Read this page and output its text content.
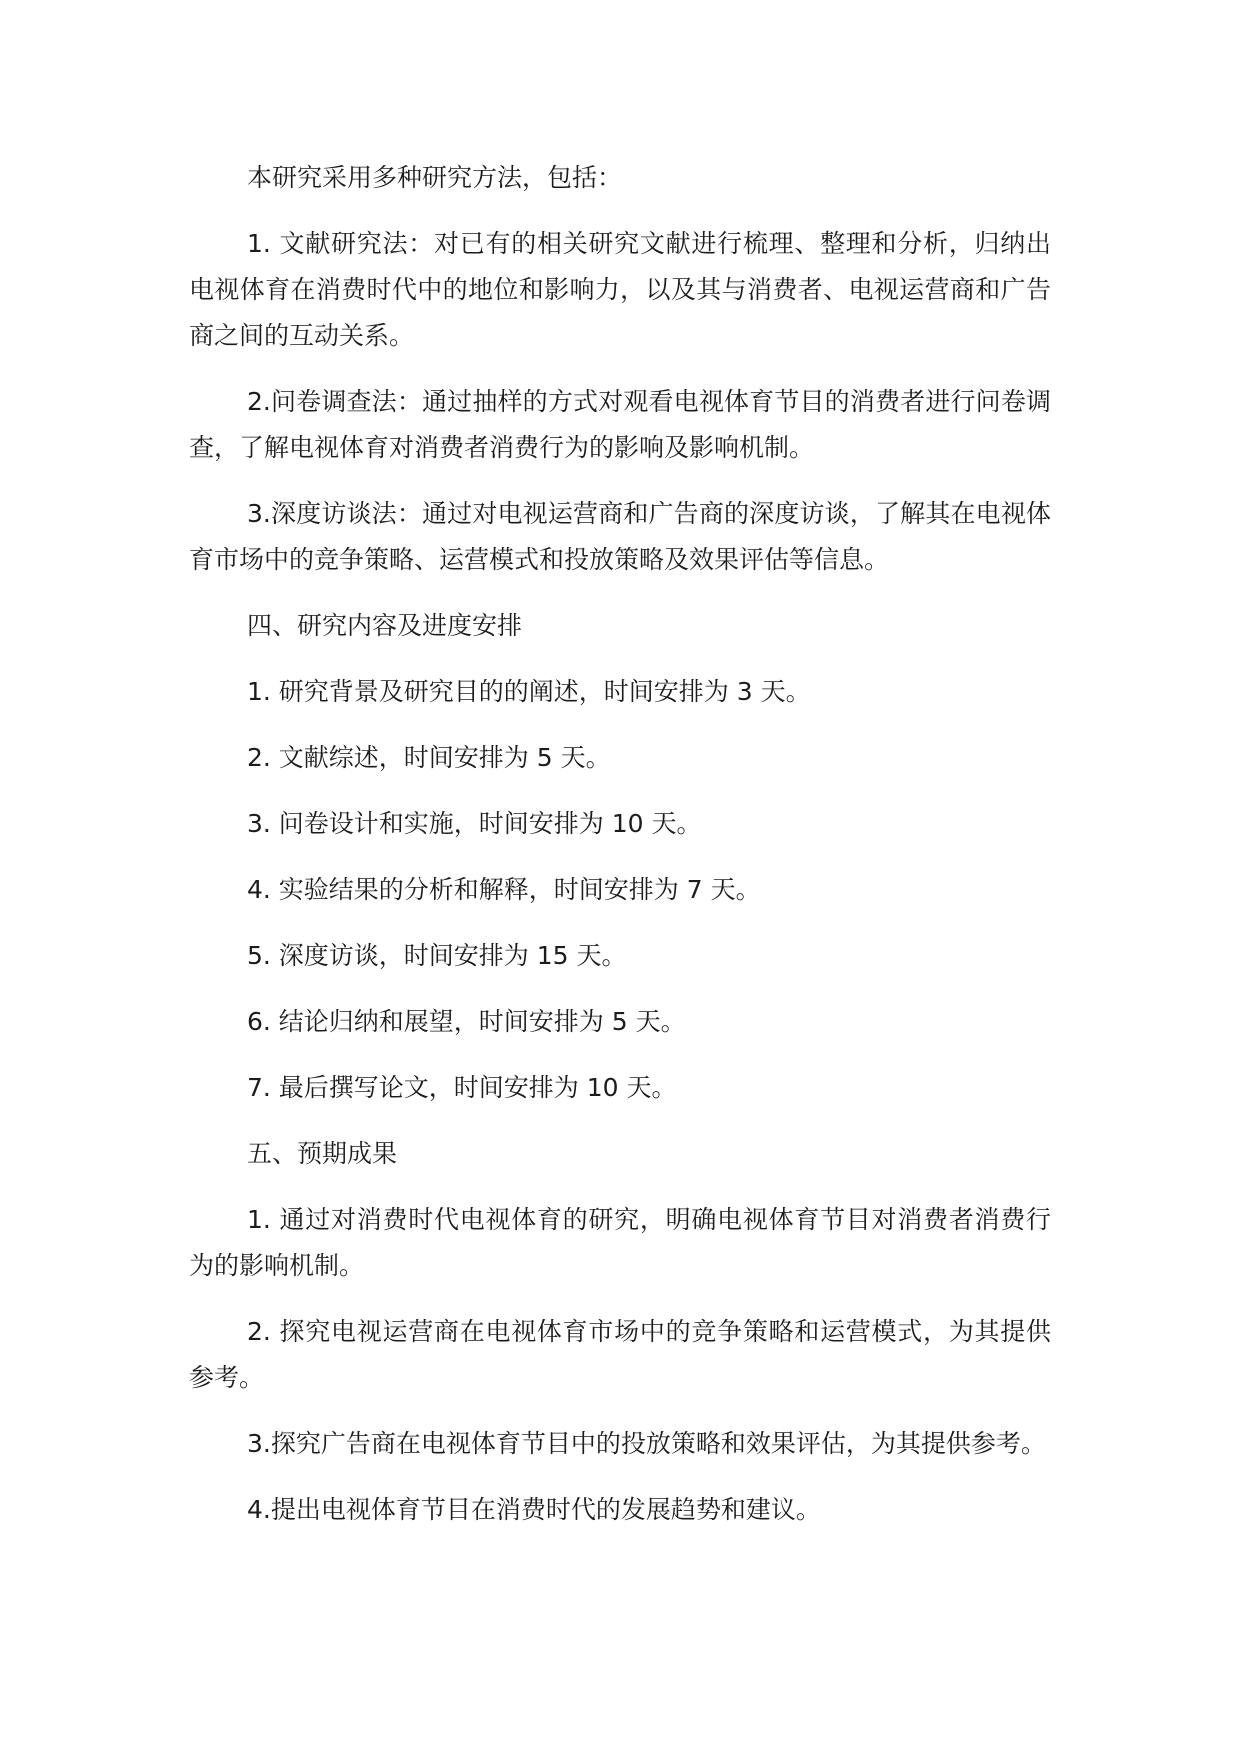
本研究采用多种研究方法，包括：

1. 文献研究法：对已有的相关研究文献进行梳理、整理和分析，归纳出电视体育在消费时代中的地位和影响力，以及其与消费者、电视运营商和广告商之间的互动关系。

2.问卷调查法：通过抽样的方式对观看电视体育节目的消费者进行问卷调查，了解电视体育对消费者消费行为的影响及影响机制。

3.深度访谈法：通过对电视运营商和广告商的深度访谈，了解其在电视体育市场中的竞争策略、运营模式和投放策略及效果评估等信息。

四、研究内容及进度安排

1. 研究背景及研究目的的阐述，时间安排为 3 天。

2. 文献综述，时间安排为 5 天。

3. 问卷设计和实施，时间安排为 10 天。

4. 实验结果的分析和解释，时间安排为 7 天。

5. 深度访谈，时间安排为 15 天。

6. 结论归纳和展望，时间安排为 5 天。

7. 最后撰写论文，时间安排为 10 天。

五、预期成果

1. 通过对消费时代电视体育的研究，明确电视体育节目对消费者消费行为的影响机制。

2. 探究电视运营商在电视体育市场中的竞争策略和运营模式，为其提供参考。

3.探究广告商在电视体育节目中的投放策略和效果评估，为其提供参考。

4.提出电视体育节目在消费时代的发展趋势和建议。
